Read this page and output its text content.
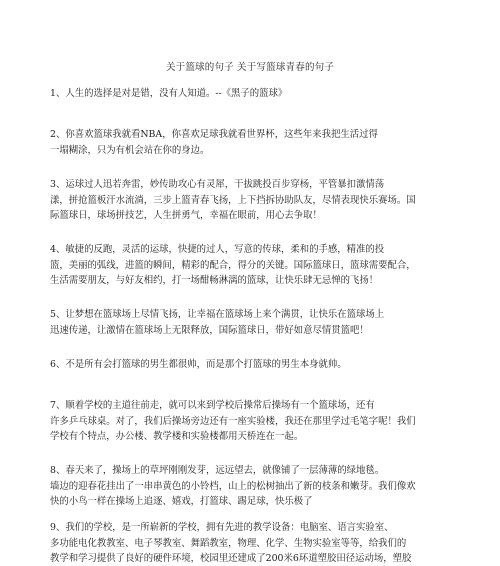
关于篮球的句子 关于写篮球青春的句子
1、人生的选择是对是错，没有人知道。--《黑子的篮球》
2、你喜欢篮球我就看NBA，你喜欢足球我就看世界杯，这些年来我把生活过得
一塌糊涂，只为有机会站在你的身边。
3、运球过人迅若奔雷，妙传助攻心有灵犀，干拔跳投百步穿杨，平管暴扣激情荡
漾，拼抢篮板汗水流淌，三步上篮青春飞扬，上下挡拆协助队友，尽情表现快乐赛场。国
际篮球日，球场拼技艺，人生拼勇气，幸福在眼前，用心去争取！
4、敏捷的反跑，灵活的运球，快捷的过人，写意的传球，柔和的手感，精准的投
篮，美丽的弧线，进篮的瞬间，精彩的配合，得分的关键。国际篮球日，篮球需要配合，
生活需要朋友，与好友相约，打一场酣畅淋漓的篮球，让快乐肆无忌惮的飞扬！
5、让梦想在篮球场上尽情飞扬，让幸福在篮球场上来个满贯，让快乐在篮球场上
迅速传递，让激情在篮球场上无限释放，国际篮球日，带好如意尽情贯篮吧！
6、不是所有会打篮球的男生都很帅，而是那个打篮球的男生本身就帅。
7、顺着学校的主道往前走，就可以来到学校后操常后操场有一个篮球场，还有
许多乒乓球桌。对了，我们后操场旁边还有一座实验楼，我还在那里学过毛笔字呢！我们
学校有个特点，办公楼、教学楼和实验楼都用天桥连在一起。
8、春天来了，操场上的草坪刚刚发芽，远远望去，就像铺了一层薄薄的绿地毯。
墙边的迎春花挂出了一串串黄色的小铃档，山上的松树抽出了新的枝条和嫩芽。我们像欢
快的小鸟一样在操场上追逐、嬉戏，打篮球、踢足球，快乐极了
9、我们的学校，是一所崭新的学校，拥有先进的教学设备：电脑室、语言实验室、
多功能电化教教室、电子琴教室、舞蹈教室，物理、化学、生物实验室等等，给我们的
教学和学习提供了良好的硬件环境，校园里还建成了200米6环道塑胶田径运动场，塑胶
